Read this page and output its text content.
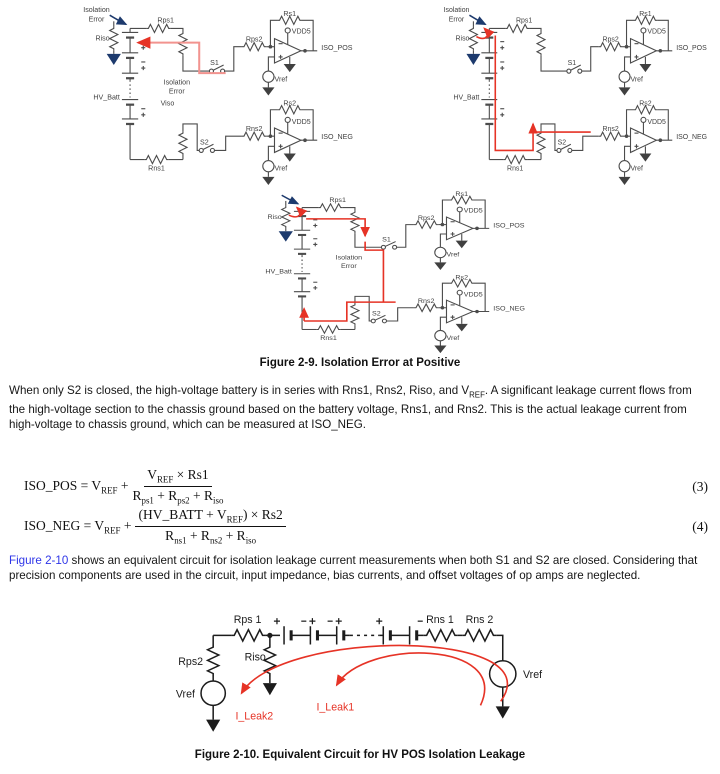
Isolation
Error
Riso
Rps1
S1
Rps2
Rs1
VDD5
ISO_POS
Vref
Isolation
Error
Viso
HV_Batt
Rs2
Rns2
VDD5
ISO_NEG
Vref
S2
Rns1
Isolation
Error
Riso
Rps1
S1
Rps2
Rs1
VDD5
ISO_POS
Vref
HV_Batt
Rs2
Rns2
VDD5
ISO_NEG
Vref
S2
Rns1
Riso
Rps1
S1
Rps2
Rs1
VDD5
ISO_POS
Vref
Isolation
Error
HV_Batt
Rs2
Rns2
VDD5
ISO_NEG
Vref
S2
Rns1
Figure 2-9. Isolation Error at Positive

When only S2 is closed, the high-voltage battery is in series with Rns1, Rns2, Riso, and $V_{REF}$. A significant leakage current flows from the high-voltage section to the chassis ground based on the battery voltage, Rns1, and Rns2. This is the actual leakage current from high-voltage to chassis ground, which can be measured at ISO_NEG.

ISO_POS = $V_{REF} + \frac{V_{REF} \times Rs1}{R_{ps1} + R_{ps2} + R_{iso}}$	(3)
ISO_NEG = $V_{REF} + \frac{(HV\_BATT + V_{REF}) \times Rs2}{R_{ns1} + R_{ns2} + R_{iso}}$	(4)

Figure 2-10 shows an equivalent circuit for isolation leakage current measurements when both S1 and S2 are closed. Considering that precision components are used in the circuit, input impedance, bias currents, and offset voltages of op amps are neglected.

Rps 1
Rps2	Riso
Vref
Rns 1 Rns 2
Vref
I_Leak1
I_Leak2
Figure 2-10. Equivalent Circuit for HV POS Isolation Leakage
